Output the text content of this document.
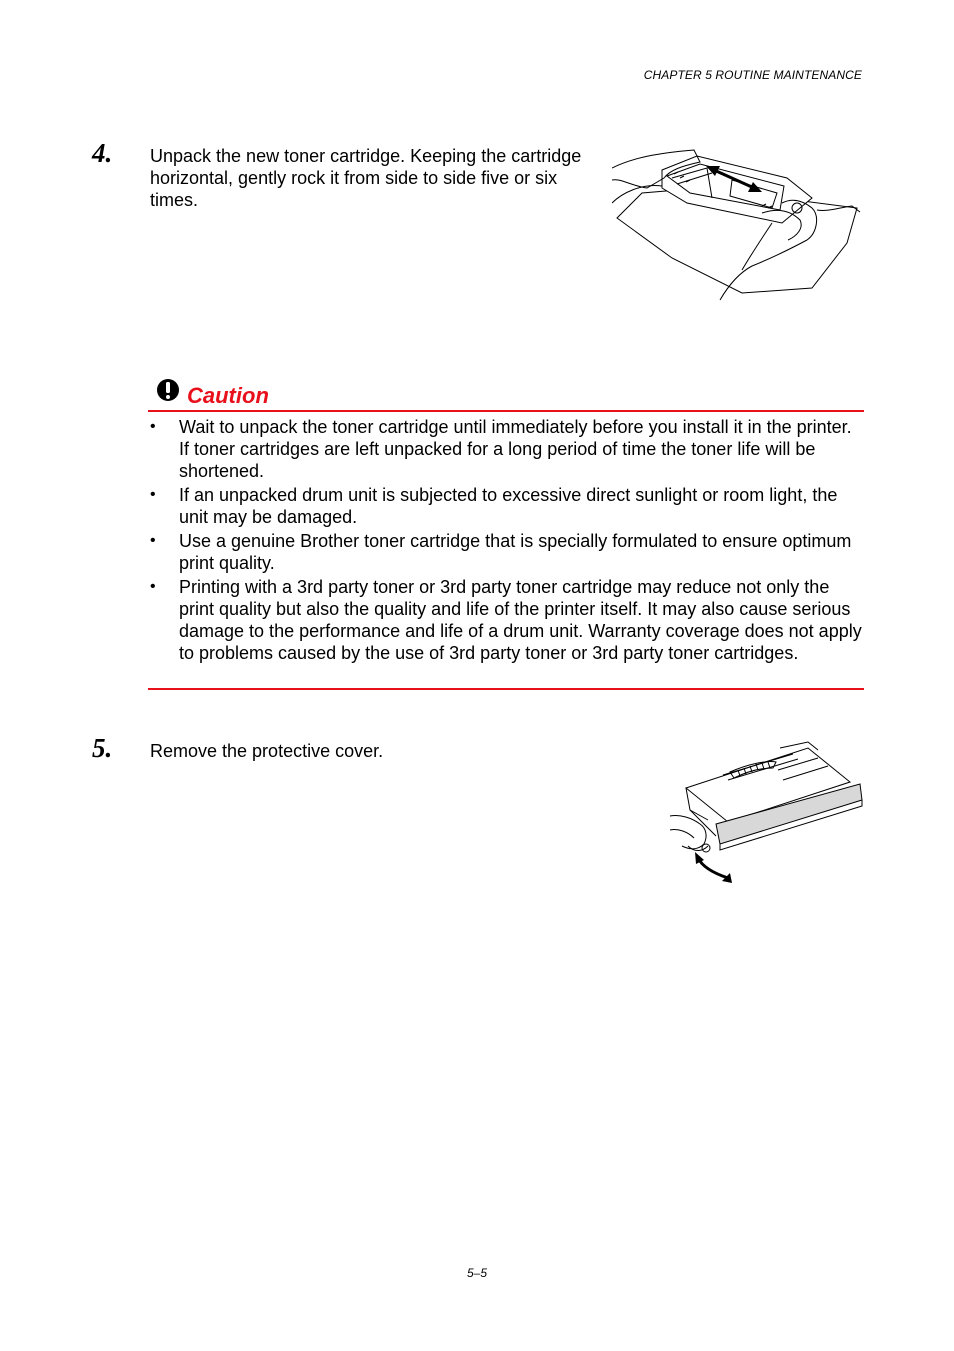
CHAPTER 5 ROUTINE MAINTENANCE
4. Unpack the new toner cartridge. Keeping the cartridge horizontal, gently rock it from side to side five or six times.
Caution
• Wait to unpack the toner cartridge until immediately before you install it in the printer. If toner cartridges are left unpacked for a long period of time the toner life will be shortened.
• If an unpacked drum unit is subjected to excessive direct sunlight or room light, the unit may be damaged.
• Use a genuine Brother toner cartridge that is specially formulated to ensure optimum print quality.
• Printing with a 3rd party toner or 3rd party toner cartridge may reduce not only the print quality but also the quality and life of the printer itself. It may also cause serious damage to the performance and life of a drum unit. Warranty coverage does not apply to problems caused by the use of 3rd party toner or 3rd party toner cartridges.
5. Remove the protective cover.
5–5
